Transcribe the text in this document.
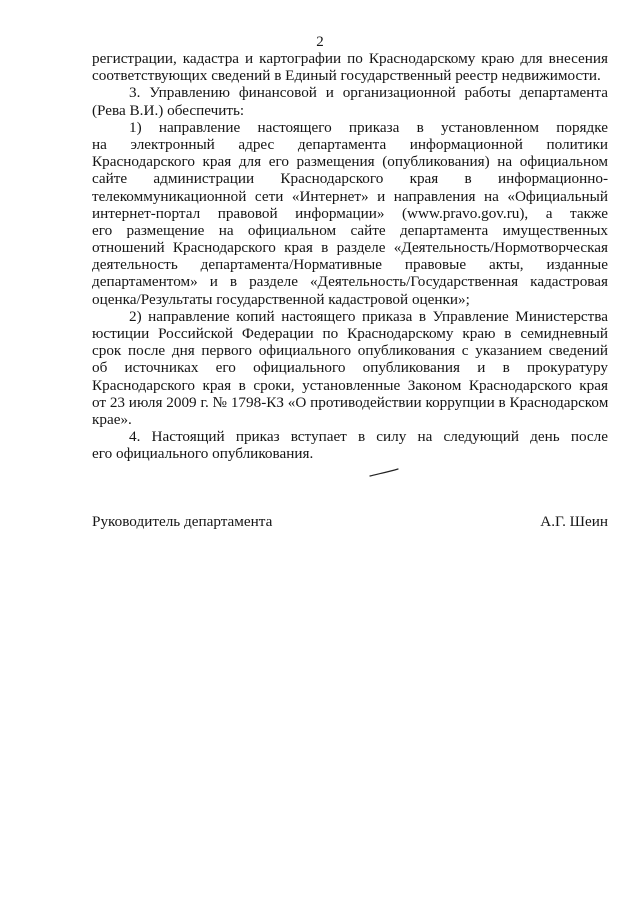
2
регистрации, кадастра и картографии по Краснодарскому краю для внесения
соответствующих сведений в Единый государственный реестр недвижимости.
3. Управлению финансовой и организационной работы департамента
(Рева В.И.) обеспечить:
1) направление настоящего приказа в установленном порядке
на электронный адрес департамента информационной политики
Краснодарского края для его размещения (опубликования) на официальном
сайте администрации Краснодарского края в информационно-
телекоммуникационной сети «Интернет» и направления на «Официальный
интернет-портал правовой информации» (www.pravo.gov.ru), а также
его размещение на официальном сайте департамента имущественных
отношений Краснодарского края в разделе «Деятельность/Нормотворческая
деятельность департамента/Нормативные правовые акты, изданные
департаментом» и в разделе «Деятельность/Государственная кадастровая
оценка/Результаты государственной кадастровой оценки»;
2) направление копий настоящего приказа в Управление Министерства
юстиции Российской Федерации по Краснодарскому краю в семидневный
срок после дня первого официального опубликования с указанием сведений
об источниках его официального опубликования и в прокуратуру
Краснодарского края в сроки, установленные Законом Краснодарского края
от 23 июля 2009 г. № 1798-КЗ «О противодействии коррупции в Краснодарском
крае».
4. Настоящий приказ вступает в силу на следующий день после
его официального опубликования.
Руководитель департамента	А.Г. Шеин
